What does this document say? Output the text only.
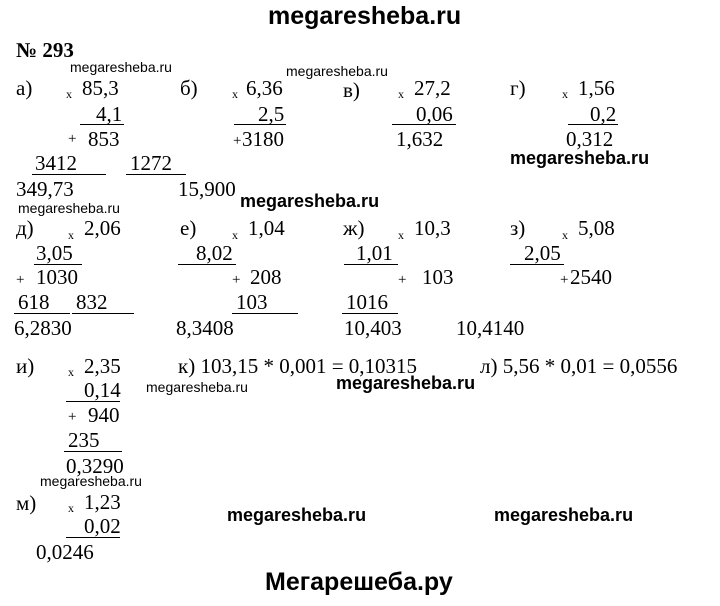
megaresheba.ru
№ 293
Мегарешеба.ру
megaresheba.ru	megaresheba.ru
megaresheba.ru
megaresheba.ru
megaresheba.ru
megaresheba.ru	megaresheba.ru
megaresheba.ru
megaresheba.ru	megaresheba.ru
а)	x 85,3
4,1
+ 853
3412
349,73
б)	x 6,36
2,5
+ 3180
1272
15,900
в)	x 27,2
0,06
1,632
г)	x 1,56
0,2
0,312
д)	x 2,06
3,05
+ 1030
618
6,2830
е)	x 1,04
8,02
+ 208
832
8,3408
ж)	x 10,3
1,01
+ 103
103
10,403
з)	x 5,08
2,05
+ 2540
1016
10,4140
и)	x 2,35
0,14
+ 940
235
0,3290
к) 103,15 * 0,001 = 0,10315	л) 5,56 * 0,01 = 0,0556
м)	x 1,23
0,02
0,0246
